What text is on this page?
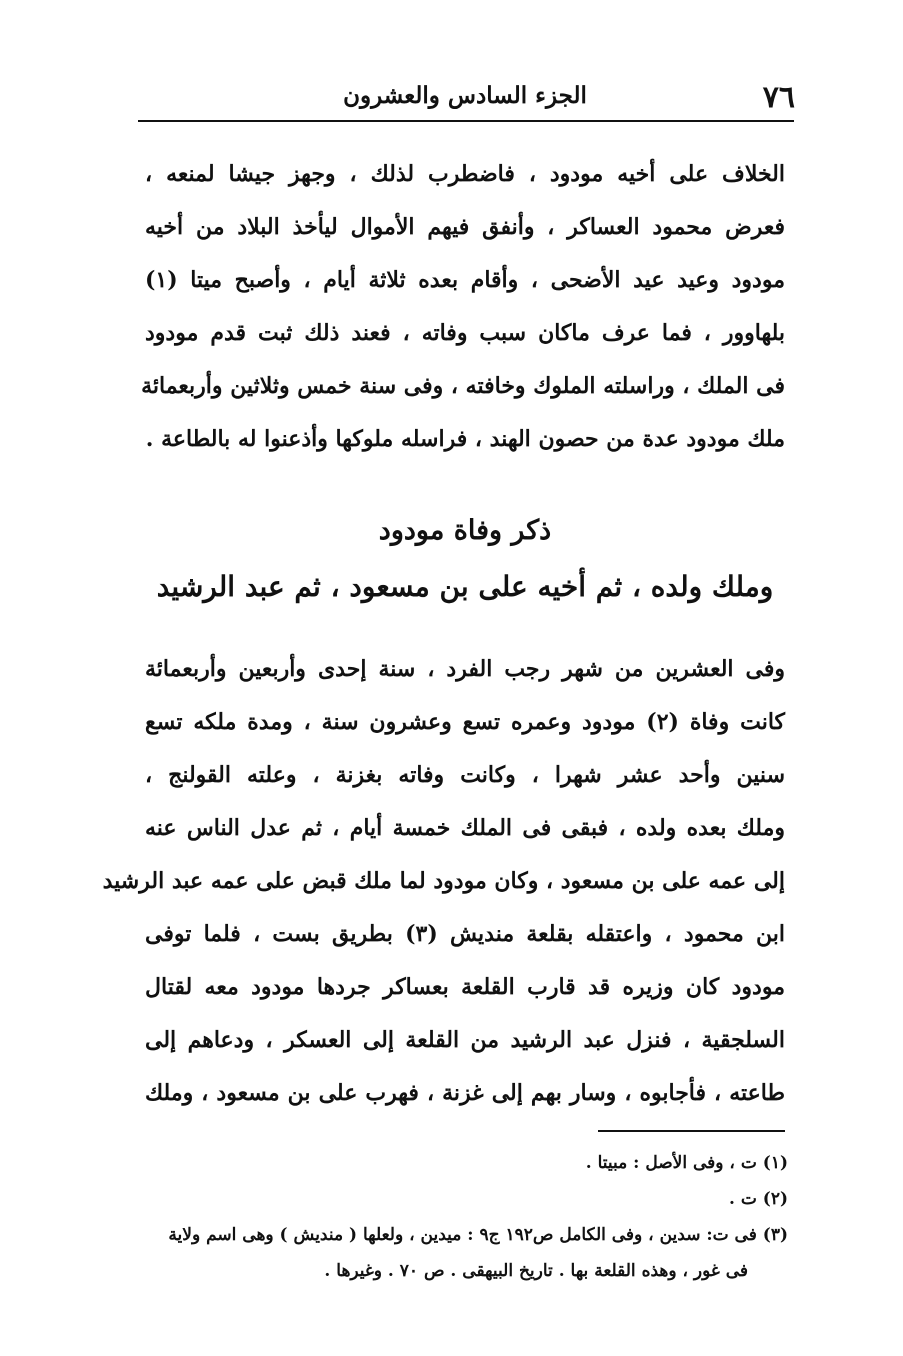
٧٦
الجزء السادس والعشرون
الخلاف على أخيه مودود ، فاضطرب لذلك ، وجهز جيشا لمنعه ،
فعرض محمود العساكر ، وأنفق فيهم الأموال ليأخذ البلاد من أخيه
مودود وعيد عيد الأضحى ، وأقام بعده ثلاثة أيام ، وأصبح ميتا (١)
بلهاوور ، فما عرف ماكان سبب وفاته ، فعند ذلك ثبت قدم مودود
فى الملك ، وراسلته الملوك وخافته ، وفى سنة خمس وثلاثين وأربعمائة
ملك مودود عدة من حصون الهند ، فراسله ملوكها وأذعنوا له بالطاعة .
ذكر وفاة مودود
وملك ولده ، ثم أخيه على بن مسعود ، ثم عبد الرشيد
وفى العشرين من شهر رجب الفرد ، سنة إحدى وأربعين وأربعمائة
كانت وفاة (٢) مودود وعمره تسع وعشرون سنة ، ومدة ملكه تسع
سنين وأحد عشر شهرا ، وكانت وفاته بغزنة ، وعلته القولنج ،
وملك بعده ولده ، فبقى فى الملك خمسة أيام ، ثم عدل الناس عنه
إلى عمه على بن مسعود ، وكان مودود لما ملك قبض على عمه عبد الرشيد
ابن محمود ، واعتقله بقلعة منديش (٣) بطريق بست ، فلما توفى
مودود كان وزيره قد قارب القلعة بعساكر جردها مودود معه لقتال
السلجقية ، فنزل عبد الرشيد من القلعة إلى العسكر ، ودعاهم إلى
طاعته ، فأجابوه ، وسار بهم إلى غزنة ، فهرب على بن مسعود ، وملك
(١) ت ، وفى الأصل : مبيتا .
(٢) ت .
(٣) فى ت: سدين ، وفى الكامل ص١٩٢ ج٩ : ميدين ، ولعلها ( منديش ) وهى اسم ولاية
فى غور ، وهذه القلعة بها . تاريخ البيهقى . ص ٧٠ . وغيرها .
